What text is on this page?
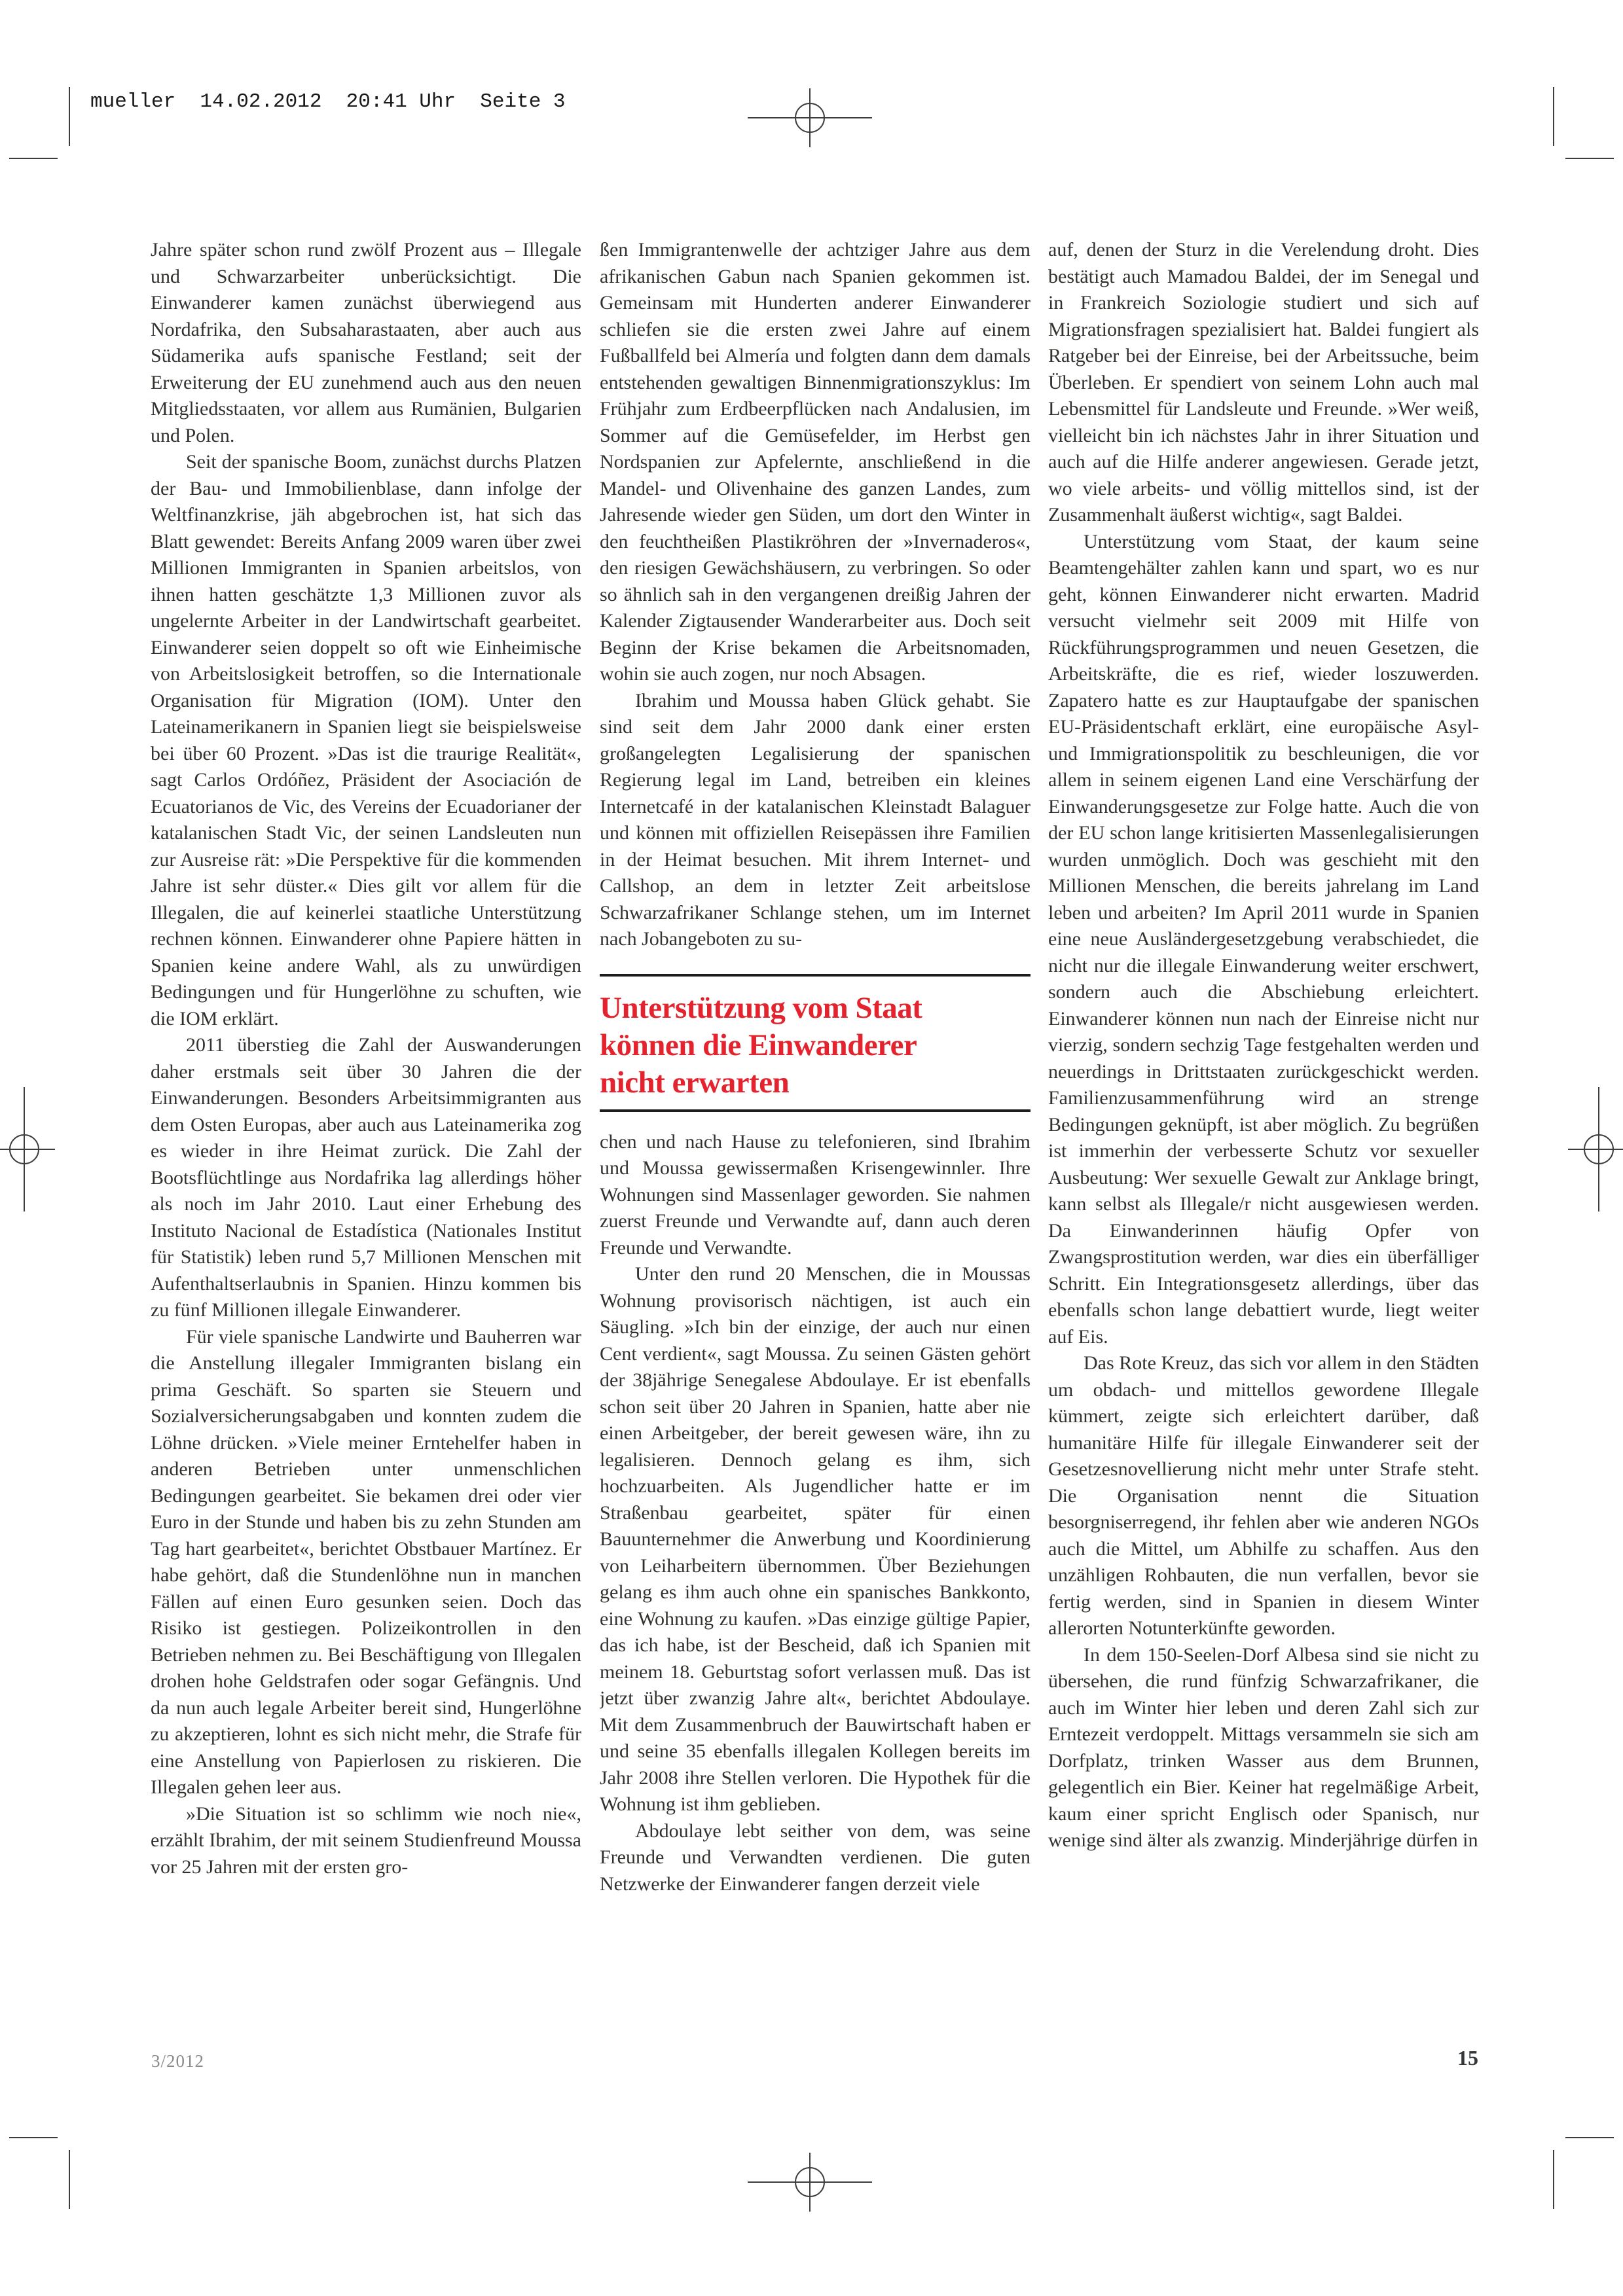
mueller  14.02.2012  20:41 Uhr  Seite 3

Jahre später schon rund zwölf Prozent aus – Illegale und Schwarzarbeiter unberücksichtigt. Die Einwanderer kamen zunächst überwiegend aus Nordafrika, den Subsaharastaaten, aber auch aus Südamerika aufs spanische Festland; seit der Erweiterung der EU zunehmend auch aus den neuen Mitgliedsstaaten, vor allem aus Rumänien, Bulgarien und Polen.

Seit der spanische Boom, zunächst durchs Platzen der Bau- und Immobilienblase, dann infolge der Weltfinanzkrise, jäh abgebrochen ist, hat sich das Blatt gewendet: Bereits Anfang 2009 waren über zwei Millionen Immigranten in Spanien arbeitslos, von ihnen hatten geschätzte 1,3 Millionen zuvor als ungelernte Arbeiter in der Landwirtschaft gearbeitet. Einwanderer seien doppelt so oft wie Einheimische von Arbeitslosigkeit betroffen, so die Internationale Organisation für Migration (IOM). Unter den Lateinamerikanern in Spanien liegt sie beispielsweise bei über 60 Prozent. »Das ist die traurige Realität«, sagt Carlos Ordóñez, Präsident der Asociación de Ecuatorianos de Vic, des Vereins der Ecuadorianer der katalanischen Stadt Vic, der seinen Landsleuten nun zur Ausreise rät: »Die Perspektive für die kommenden Jahre ist sehr düster.« Dies gilt vor allem für die Illegalen, die auf keinerlei staatliche Unterstützung rechnen können. Einwanderer ohne Papiere hätten in Spanien keine andere Wahl, als zu unwürdigen Bedingungen und für Hungerlöhne zu schuften, wie die IOM erklärt.

2011 überstieg die Zahl der Auswanderungen daher erstmals seit über 30 Jahren die der Einwanderungen. Besonders Arbeitsimmigranten aus dem Osten Europas, aber auch aus Lateinamerika zog es wieder in ihre Heimat zurück. Die Zahl der Bootsflüchtlinge aus Nordafrika lag allerdings höher als noch im Jahr 2010. Laut einer Erhebung des Instituto Nacional de Estadística (Nationales Institut für Statistik) leben rund 5,7 Millionen Menschen mit Aufenthaltserlaubnis in Spanien. Hinzu kommen bis zu fünf Millionen illegale Einwanderer.

Für viele spanische Landwirte und Bauherren war die Anstellung illegaler Immigranten bislang ein prima Geschäft. So sparten sie Steuern und Sozialversicherungsabgaben und konnten zudem die Löhne drücken. »Viele meiner Erntehelfer haben in anderen Betrieben unter unmenschlichen Bedingungen gearbeitet. Sie bekamen drei oder vier Euro in der Stunde und haben bis zu zehn Stunden am Tag hart gearbeitet«, berichtet Obstbauer Martínez. Er habe gehört, daß die Stundenlöhne nun in manchen Fällen auf einen Euro gesunken seien. Doch das Risiko ist gestiegen. Polizeikontrollen in den Betrieben nehmen zu. Bei Beschäftigung von Illegalen drohen hohe Geldstrafen oder sogar Gefängnis. Und da nun auch legale Arbeiter bereit sind, Hungerlöhne zu akzeptieren, lohnt es sich nicht mehr, die Strafe für eine Anstellung von Papierlosen zu riskieren. Die Illegalen gehen leer aus.

»Die Situation ist so schlimm wie noch nie«, erzählt Ibrahim, der mit seinem Studienfreund Moussa vor 25 Jahren mit der ersten gro-

ßen Immigrantenwelle der achtziger Jahre aus dem afrikanischen Gabun nach Spanien gekommen ist. Gemeinsam mit Hunderten anderer Einwanderer schliefen sie die ersten zwei Jahre auf einem Fußballfeld bei Almería und folgten dann dem damals entstehenden gewaltigen Binnenmigrationszyklus: Im Frühjahr zum Erdbeerpflücken nach Andalusien, im Sommer auf die Gemüsefelder, im Herbst gen Nordspanien zur Apfelernte, anschließend in die Mandel- und Olivenhaine des ganzen Landes, zum Jahresende wieder gen Süden, um dort den Winter in den feuchtheißen Plastikröhren der »Invernaderos«, den riesigen Gewächshäusern, zu verbringen. So oder so ähnlich sah in den vergangenen dreißig Jahren der Kalender Zigtausender Wanderarbeiter aus. Doch seit Beginn der Krise bekamen die Arbeitsnomaden, wohin sie auch zogen, nur noch Absagen.

Ibrahim und Moussa haben Glück gehabt. Sie sind seit dem Jahr 2000 dank einer ersten großangelegten Legalisierung der spanischen Regierung legal im Land, betreiben ein kleines Internetcafé in der katalanischen Kleinstadt Balaguer und können mit offiziellen Reisepässen ihre Familien in der Heimat besuchen. Mit ihrem Internet- und Callshop, an dem in letzter Zeit arbeitslose Schwarzafrikaner Schlange stehen, um im Internet nach Jobangeboten zu su-

Unterstützung vom Staat
können die Einwanderer
nicht erwarten

chen und nach Hause zu telefonieren, sind Ibrahim und Moussa gewissermaßen Krisengewinnler. Ihre Wohnungen sind Massenlager geworden. Sie nahmen zuerst Freunde und Verwandte auf, dann auch deren Freunde und Verwandte.

Unter den rund 20 Menschen, die in Moussas Wohnung provisorisch nächtigen, ist auch ein Säugling. »Ich bin der einzige, der auch nur einen Cent verdient«, sagt Moussa. Zu seinen Gästen gehört der 38jährige Senegalese Abdoulaye. Er ist ebenfalls schon seit über 20 Jahren in Spanien, hatte aber nie einen Arbeitgeber, der bereit gewesen wäre, ihn zu legalisieren. Dennoch gelang es ihm, sich hochzuarbeiten. Als Jugendlicher hatte er im Straßenbau gearbeitet, später für einen Bauunternehmer die Anwerbung und Koordinierung von Leiharbeitern übernommen. Über Beziehungen gelang es ihm auch ohne ein spanisches Bankkonto, eine Wohnung zu kaufen. »Das einzige gültige Papier, das ich habe, ist der Bescheid, daß ich Spanien mit meinem 18. Geburtstag sofort verlassen muß. Das ist jetzt über zwanzig Jahre alt«, berichtet Abdoulaye. Mit dem Zusammenbruch der Bauwirtschaft haben er und seine 35 ebenfalls illegalen Kollegen bereits im Jahr 2008 ihre Stellen verloren. Die Hypothek für die Wohnung ist ihm geblieben.

Abdoulaye lebt seither von dem, was seine Freunde und Verwandten verdienen. Die guten Netzwerke der Einwanderer fangen derzeit viele

auf, denen der Sturz in die Verelendung droht. Dies bestätigt auch Mamadou Baldei, der im Senegal und in Frankreich Soziologie studiert und sich auf Migrationsfragen spezialisiert hat. Baldei fungiert als Ratgeber bei der Einreise, bei der Arbeitssuche, beim Überleben. Er spendiert von seinem Lohn auch mal Lebensmittel für Landsleute und Freunde. »Wer weiß, vielleicht bin ich nächstes Jahr in ihrer Situation und auch auf die Hilfe anderer angewiesen. Gerade jetzt, wo viele arbeits- und völlig mittellos sind, ist der Zusammenhalt äußerst wichtig«, sagt Baldei.

Unterstützung vom Staat, der kaum seine Beamtengehälter zahlen kann und spart, wo es nur geht, können Einwanderer nicht erwarten. Madrid versucht vielmehr seit 2009 mit Hilfe von Rückführungsprogrammen und neuen Gesetzen, die Arbeitskräfte, die es rief, wieder loszuwerden. Zapatero hatte es zur Hauptaufgabe der spanischen EU-Präsidentschaft erklärt, eine europäische Asyl- und Immigrationspolitik zu beschleunigen, die vor allem in seinem eigenen Land eine Verschärfung der Einwanderungsgesetze zur Folge hatte. Auch die von der EU schon lange kritisierten Massenlegalisierungen wurden unmöglich. Doch was geschieht mit den Millionen Menschen, die bereits jahrelang im Land leben und arbeiten? Im April 2011 wurde in Spanien eine neue Ausländergesetzgebung verabschiedet, die nicht nur die illegale Einwanderung weiter erschwert, sondern auch die Abschiebung erleichtert. Einwanderer können nun nach der Einreise nicht nur vierzig, sondern sechzig Tage festgehalten werden und neuerdings in Drittstaaten zurückgeschickt werden. Familienzusammenführung wird an strenge Bedingungen geknüpft, ist aber möglich. Zu begrüßen ist immerhin der verbesserte Schutz vor sexueller Ausbeutung: Wer sexuelle Gewalt zur Anklage bringt, kann selbst als Illegale/r nicht ausgewiesen werden. Da Einwanderinnen häufig Opfer von Zwangsprostitution werden, war dies ein überfälliger Schritt. Ein Integrationsgesetz allerdings, über das ebenfalls schon lange debattiert wurde, liegt weiter auf Eis.

Das Rote Kreuz, das sich vor allem in den Städten um obdach- und mittellos gewordene Illegale kümmert, zeigte sich erleichtert darüber, daß humanitäre Hilfe für illegale Einwanderer seit der Gesetzesnovellierung nicht mehr unter Strafe steht. Die Organisation nennt die Situation besorgniserregend, ihr fehlen aber wie anderen NGOs auch die Mittel, um Abhilfe zu schaffen. Aus den unzähligen Rohbauten, die nun verfallen, bevor sie fertig werden, sind in Spanien in diesem Winter allerorten Notunterkünfte geworden.

In dem 150-Seelen-Dorf Albesa sind sie nicht zu übersehen, die rund fünfzig Schwarzafrikaner, die auch im Winter hier leben und deren Zahl sich zur Erntezeit verdoppelt. Mittags versammeln sie sich am Dorfplatz, trinken Wasser aus dem Brunnen, gelegentlich ein Bier. Keiner hat regelmäßige Arbeit, kaum einer spricht Englisch oder Spanisch, nur wenige sind älter als zwanzig. Minderjährige dürfen in

3/2012	15
